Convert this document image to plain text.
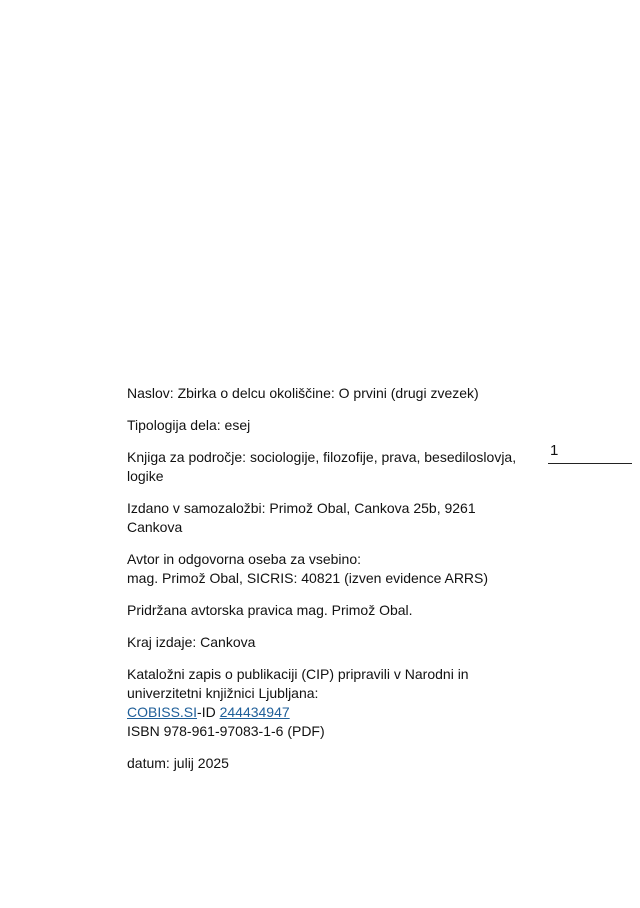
1

Naslov: Zbirka o delcu okoliščine: O prvini (drugi zvezek)

Tipologija dela: esej

Knjiga za področje: sociologije, filozofije, prava, besediloslovja, logike

Izdano v samozaložbi: Primož Obal, Cankova 25b, 9261 Cankova

Avtor in odgovorna oseba za vsebino:
mag. Primož Obal, SICRIS: 40821 (izven evidence ARRS)

Pridržana avtorska pravica mag. Primož Obal.

Kraj izdaje: Cankova

Kataložni zapis o publikaciji (CIP) pripravili v Narodni in univerzitetni knjižnici Ljubljana:
COBISS.SI-ID 244434947
ISBN 978-961-97083-1-6 (PDF)

datum: julij 2025
